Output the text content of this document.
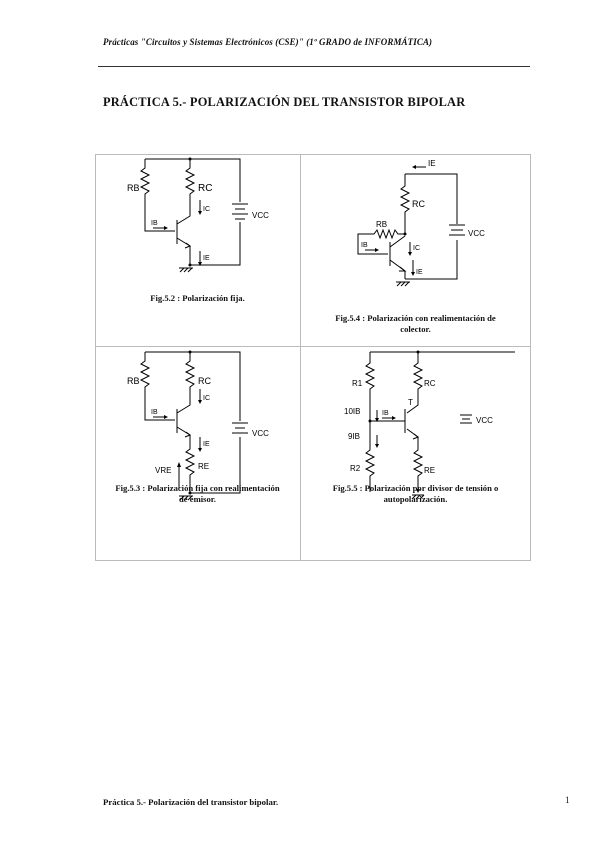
Prácticas "Circuitos y Sistemas Electrónicos (CSE)" (1º GRADO de INFORMÁTICA)
PRÁCTICA 5.- POLARIZACIÓN DEL TRANSISTOR BIPOLAR
RB	RC
IC
IB
IE
VCC
Fig.5.2 : Polarización fija.
IE
RC
RB
IC
IB
IE
VCC
Fig.5.4 : Polarización con realimentación de
colector.
RB	RC
IC
IB
IE
RE
VRE
VCC
Fig.5.3 : Polarización fija con realimentación
de emisor.
R1	RC
10IB
9IB
IB
T
R2	RE
VCC
Fig.5.5 : Polarización por divisor de tensión o
autopolarización.
Práctica 5.- Polarización del transistor bipolar.	1
